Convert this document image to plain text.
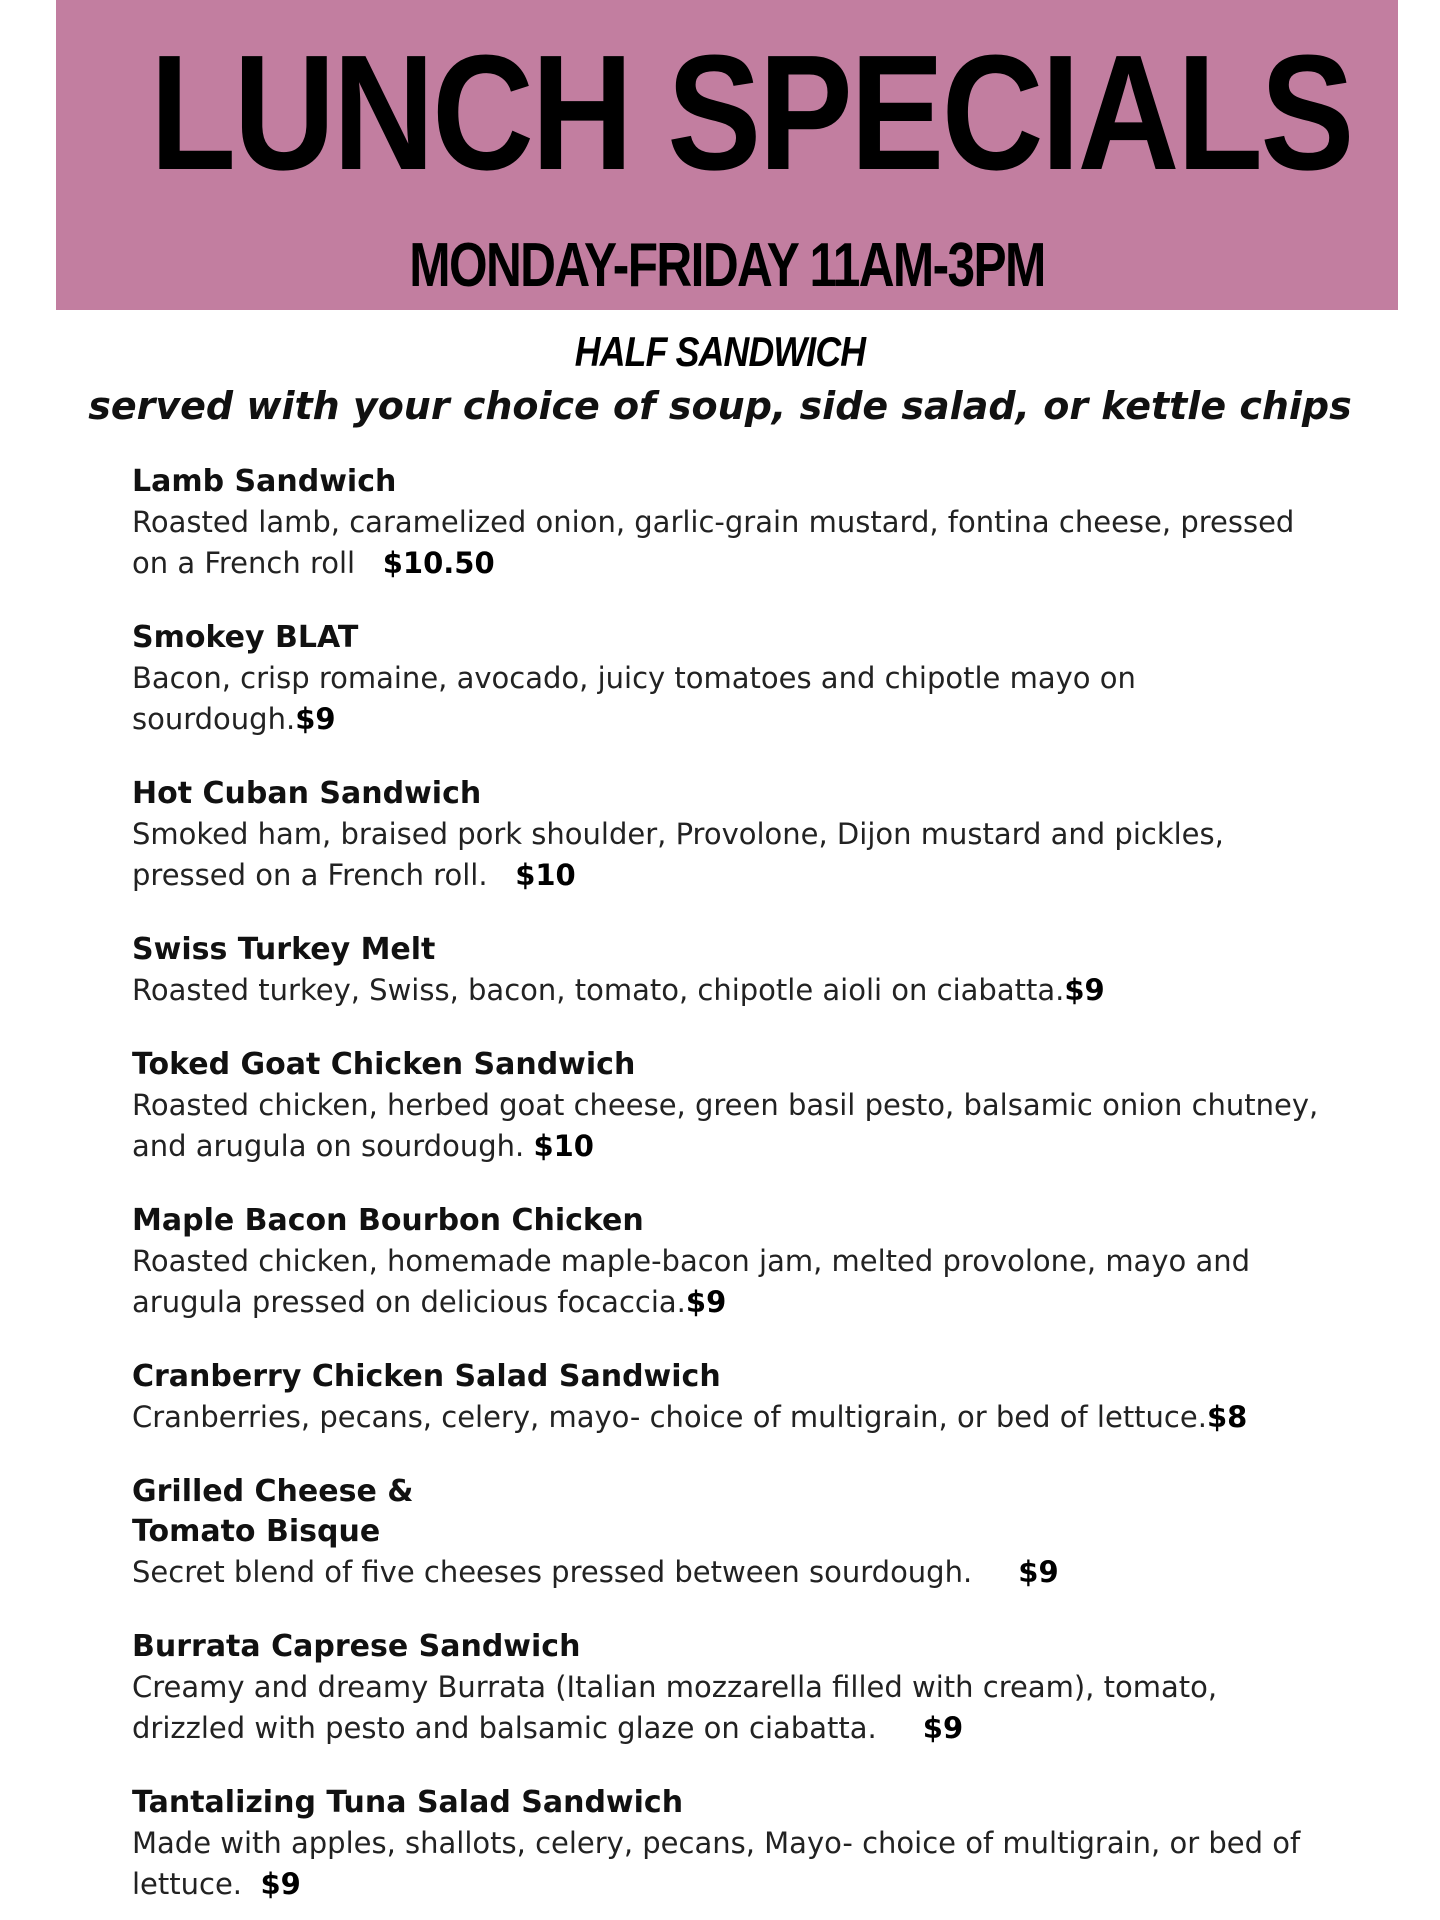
LUNCH SPECIALS
MONDAY-FRIDAY 11AM-3PM
HALF SANDWICH
served with your choice of soup, side salad, or kettle chips
Lamb Sandwich
Roasted lamb, caramelized onion, garlic-grain mustard, fontina cheese, pressed on a French roll $10.50
Smokey BLAT
Bacon, crisp romaine, avocado, juicy tomatoes and chipotle mayo on sourdough.$9
Hot Cuban Sandwich
Smoked ham, braised pork shoulder, Provolone, Dijon mustard and pickles, pressed on a French roll. $10
Swiss Turkey Melt
Roasted turkey, Swiss, bacon, tomato, chipotle aioli on ciabatta.$9
Toked Goat Chicken Sandwich
Roasted chicken, herbed goat cheese, green basil pesto, balsamic onion chutney, and arugula on sourdough. $10
Maple Bacon Bourbon Chicken
Roasted chicken, homemade maple-bacon jam, melted provolone, mayo and arugula pressed on delicious focaccia.$9
Cranberry Chicken Salad Sandwich
Cranberries, pecans, celery, mayo- choice of multigrain, or bed of lettuce.$8
Grilled Cheese &
Tomato Bisque
Secret blend of five cheeses pressed between sourdough. $9
Burrata Caprese Sandwich
Creamy and dreamy Burrata (Italian mozzarella filled with cream), tomato, drizzled with pesto and balsamic glaze on ciabatta. $9
Tantalizing Tuna Salad Sandwich
Made with apples, shallots, celery, pecans, Mayo- choice of multigrain, or bed of lettuce. $9
